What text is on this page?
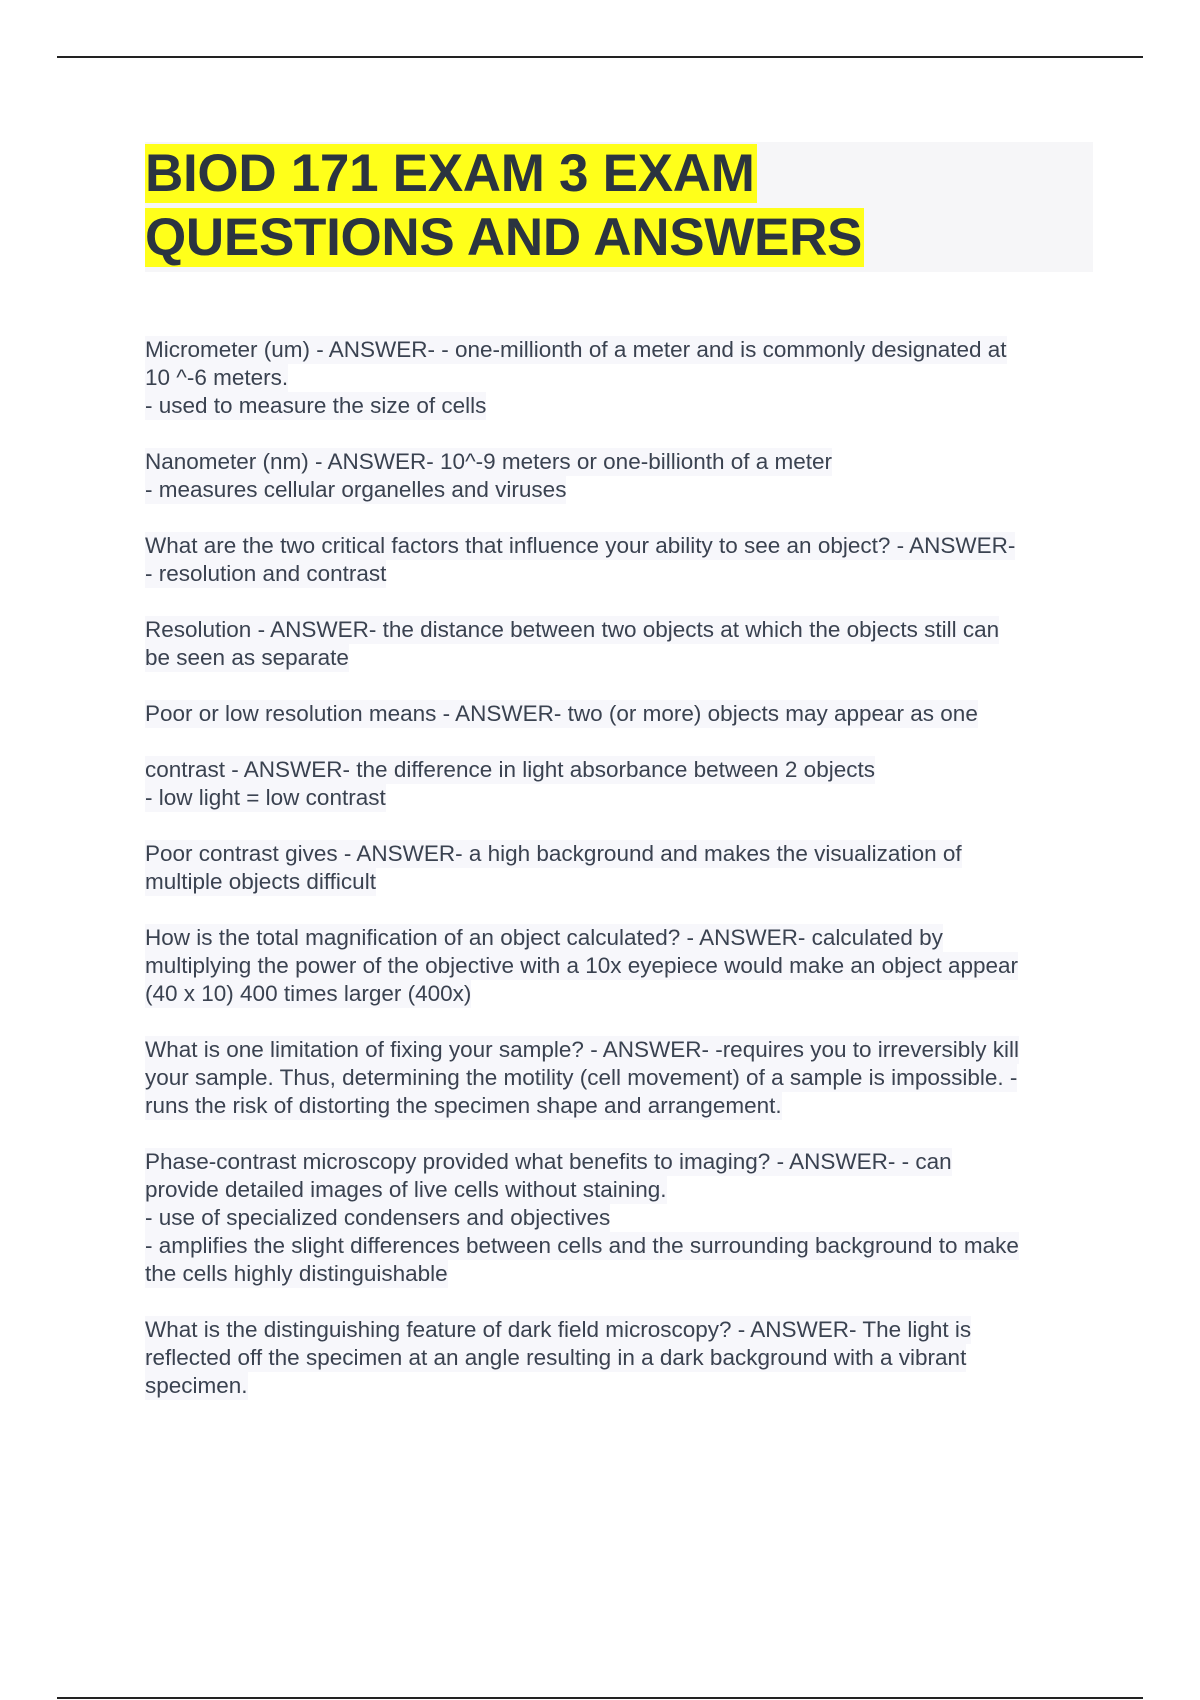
BIOD 171 EXAM 3 EXAM
QUESTIONS AND ANSWERS
Micrometer (um) - ANSWER- - one-millionth of a meter and is commonly designated at
10 ^-6 meters.
- used to measure the size of cells
Nanometer (nm) - ANSWER- 10^-9 meters or one-billionth of a meter
- measures cellular organelles and viruses
What are the two critical factors that influence your ability to see an object? - ANSWER-
- resolution and contrast
Resolution - ANSWER- the distance between two objects at which the objects still can
be seen as separate
Poor or low resolution means - ANSWER- two (or more) objects may appear as one
contrast - ANSWER- the difference in light absorbance between 2 objects
- low light = low contrast
Poor contrast gives - ANSWER- a high background and makes the visualization of
multiple objects difficult
How is the total magnification of an object calculated? - ANSWER- calculated by
multiplying the power of the objective with a 10x eyepiece would make an object appear
(40 x 10) 400 times larger (400x)
What is one limitation of fixing your sample? - ANSWER- -requires you to irreversibly kill
your sample. Thus, determining the motility (cell movement) of a sample is impossible. -
runs the risk of distorting the specimen shape and arrangement.
Phase-contrast microscopy provided what benefits to imaging? - ANSWER- - can
provide detailed images of live cells without staining.
- use of specialized condensers and objectives
- amplifies the slight differences between cells and the surrounding background to make
the cells highly distinguishable
What is the distinguishing feature of dark field microscopy? - ANSWER- The light is
reflected off the specimen at an angle resulting in a dark background with a vibrant
specimen.
